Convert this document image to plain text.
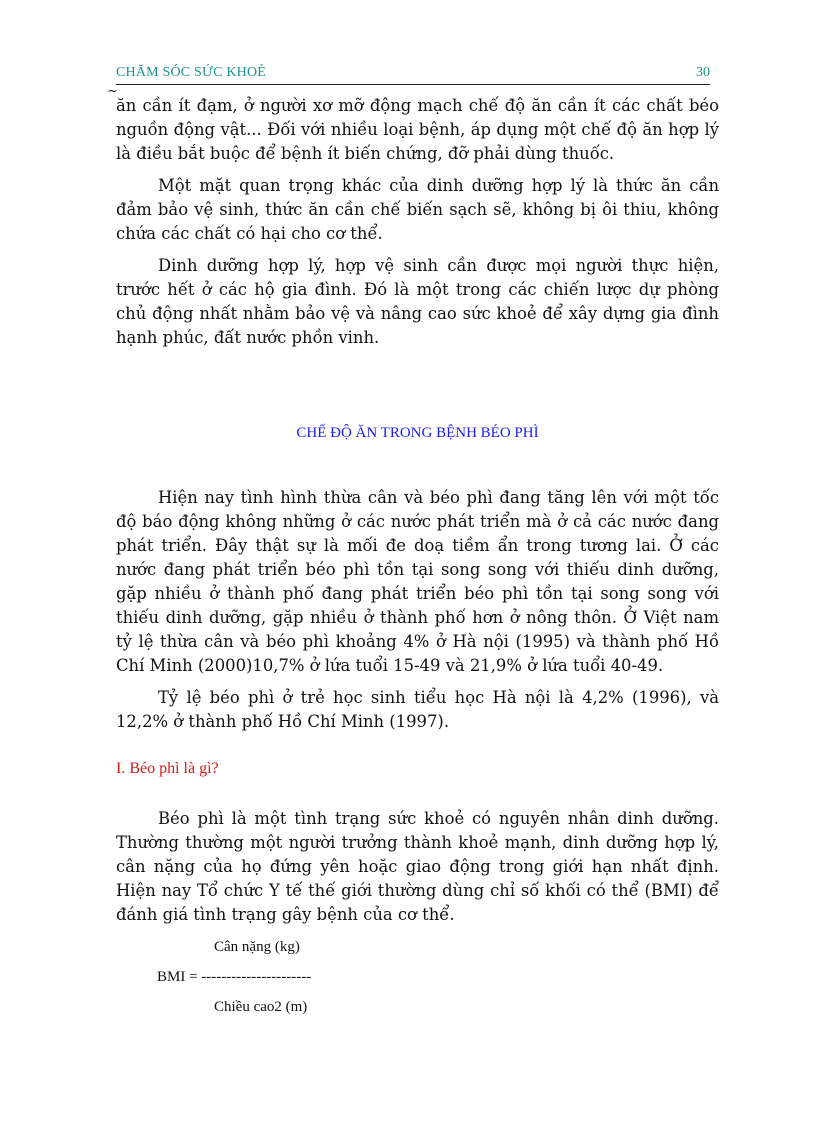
CHĂM SÓC SỨC KHOẺ	30
~

ăn cần ít đạm, ở người xơ mỡ động mạch chế độ ăn cần ít các chất béo nguồn động vật... Đối với nhiều loại bệnh, áp dụng một chế độ ăn hợp lý là điều bắt buộc để bệnh ít biến chứng, đỡ phải dùng thuốc.

Một mặt quan trọng khác của dinh dưỡng hợp lý là thức ăn cần đảm bảo vệ sinh, thức ăn cần chế biến sạch sẽ, không bị ôi thiu, không chứa các chất có hại cho cơ thể.

Dinh dưỡng hợp lý, hợp vệ sinh cần được mọi người thực hiện, trước hết ở các hộ gia đình. Đó là một trong các chiến lược dự phòng chủ động nhất nhằm bảo vệ và nâng cao sức khoẻ để xây dựng gia đình hạnh phúc, đất nước phồn vinh.

CHẾ ĐỘ ĂN TRONG BỆNH BÉO PHÌ

Hiện nay tình hình thừa cân và béo phì đang tăng lên với một tốc độ báo động không những ở các nước phát triển mà ở cả các nước đang phát triển. Đây thật sự là mối đe doạ tiềm ẩn trong tương lai. Ở các nước đang phát triển béo phì tồn tại song song với thiếu dinh dưỡng, gặp nhiều ở thành phố đang phát triển béo phì tồn tại song song với thiếu dinh dưỡng, gặp nhiều ở thành phố hơn ở nông thôn. Ở Việt nam tỷ lệ thừa cân và béo phì khoảng 4% ở Hà nội (1995) và thành phố Hồ Chí Minh (2000)10,7% ở lứa tuổi 15-49 và 21,9% ở lứa tuổi 40-49.

Tỷ lệ béo phì ở trẻ học sinh tiểu học Hà nội là 4,2% (1996), và 12,2% ở thành phố Hồ Chí Minh (1997).

I. Béo phì là gì?

Béo phì là một tình trạng sức khoẻ có nguyên nhân dinh dưỡng. Thường thường một người trưởng thành khoẻ mạnh, dinh dưỡng hợp lý, cân nặng của họ đứng yên hoặc giao động trong giới hạn nhất định. Hiện nay Tổ chức Y tế thế giới thường dùng chỉ số khối có thể (BMI) để đánh giá tình trạng gây bệnh của cơ thể.

Cân nặng (kg)
BMI = ----------------------
Chiều cao2 (m)
